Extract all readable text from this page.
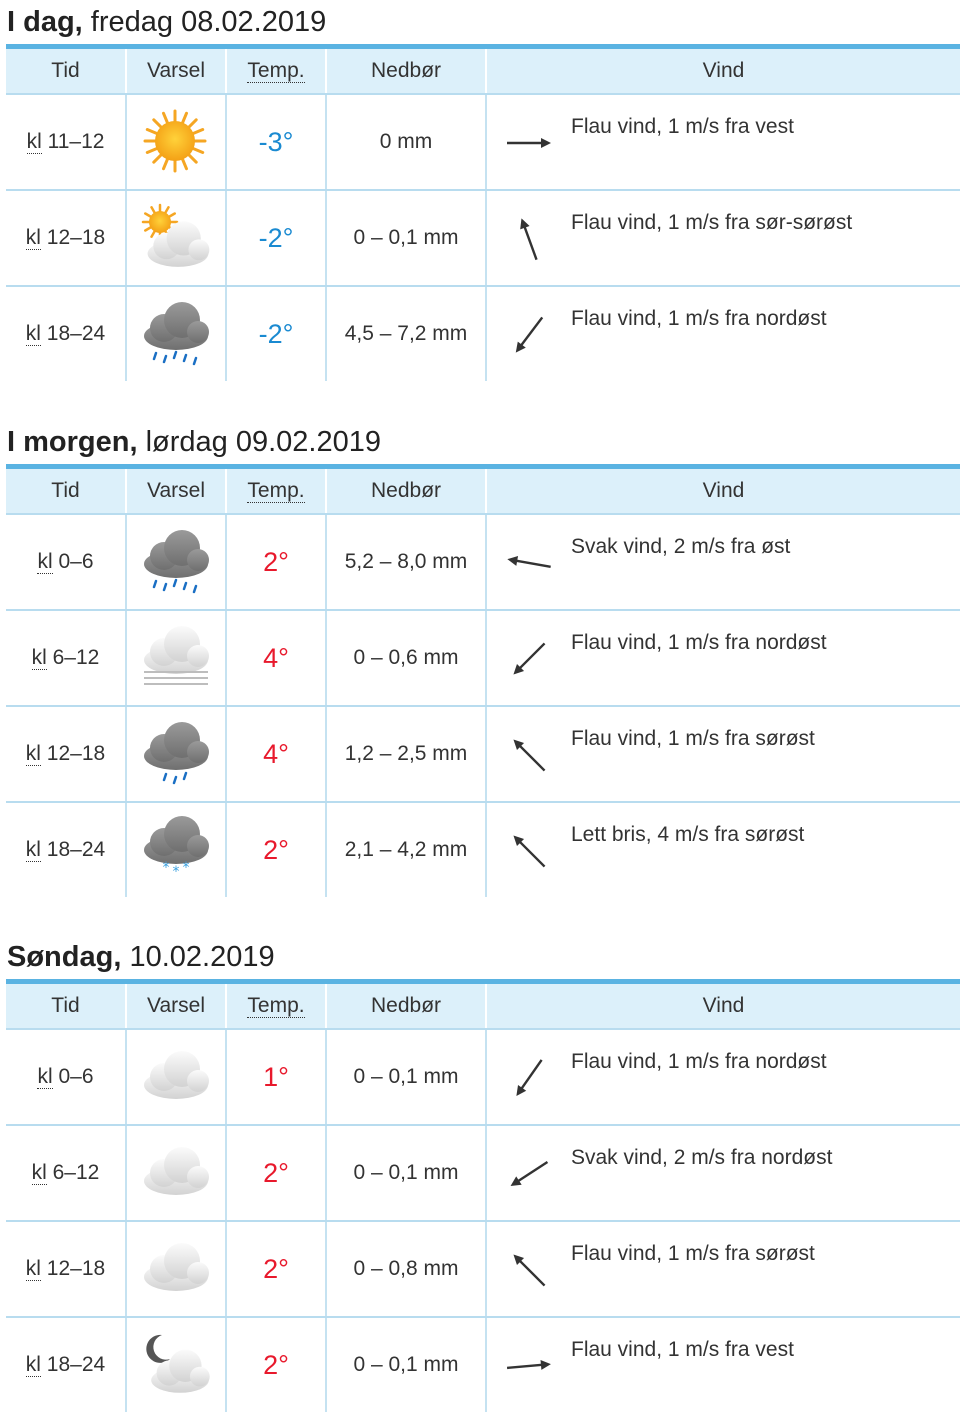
I dag, fredag 08.02.2019
Tid	Varsel	Temp.	Nedbør	Vind
kl 11–12		-3°	0 mm	Flau vind, 1 m/s fra vest

kl 12–18		-2°	0 – 0,1 mm	Flau vind, 1 m/s fra sør-sørøst

kl 18–24		-2°	4,5 – 7,2 mm	Flau vind, 1 m/s fra nordøst
I morgen, lørdag 09.02.2019
Tid	Varsel	Temp.	Nedbør	Vind
kl 0–6		2°	5,2 – 8,0 mm	Svak vind, 2 m/s fra øst

kl 6–12		4°	0 – 0,6 mm	Flau vind, 1 m/s fra nordøst

kl 12–18		4°	1,2 – 2,5 mm	Flau vind, 1 m/s fra sørøst

kl 18–24	* * *	2°	2,1 – 4,2 mm	Lett bris, 4 m/s fra sørøst
Søndag, 10.02.2019
Tid	Varsel	Temp.	Nedbør	Vind
kl 0–6		1°	0 – 0,1 mm	Flau vind, 1 m/s fra nordøst

kl 6–12		2°	0 – 0,1 mm	Svak vind, 2 m/s fra nordøst

kl 12–18		2°	0 – 0,8 mm	Flau vind, 1 m/s fra sørøst

kl 18–24		2°	0 – 0,1 mm	Flau vind, 1 m/s fra vest
